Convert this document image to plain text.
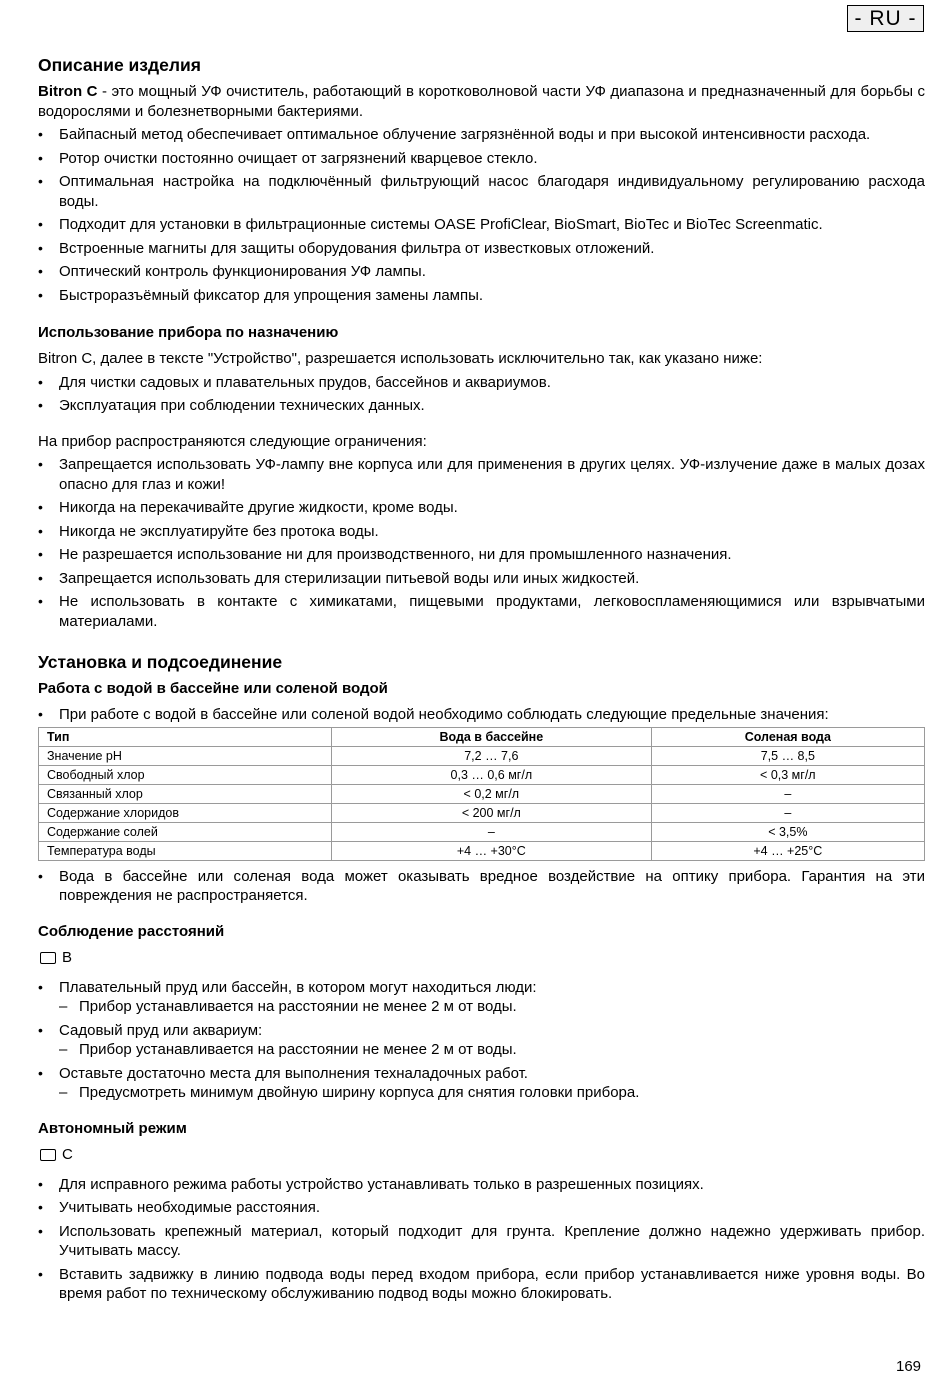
- RU -
Описание изделия

Bitron C - это мощный УФ очиститель, работающий в коротковолновой части УФ диапазона и предназначенный для борьбы с водорослями и болезнетворными бактериями.

• Байпасный метод обеспечивает оптимальное облучение загрязнённой воды и при высокой интенсивности расхода.
• Ротор очистки постоянно очищает от загрязнений кварцевое стекло.
• Оптимальная настройка на подключённый фильтрующий насос благодаря индивидуальному регулированию расхода воды.
• Подходит для установки в фильтрационные системы OASE ProfiClear, BioSmart, BioTec и BioTec Screenmatic.
• Встроенные магниты для защиты оборудования фильтра от известковых отложений.
• Оптический контроль функционирования УФ лампы.
• Быстроразъёмный фиксатор для упрощения замены лампы.
Использование прибора по назначению

Bitron C, далее в тексте "Устройство", разрешается использовать исключительно так, как указано ниже:

• Для чистки садовых и плавательных прудов, бассейнов и аквариумов.
• Эксплуатация при соблюдении технических данных.

На прибор распространяются следующие ограничения:

• Запрещается использовать УФ-лампу вне корпуса или для применения в других целях. УФ-излучение даже в малых дозах опасно для глаз и кожи!
• Никогда на перекачивайте другие жидкости, кроме воды.
• Никогда не эксплуатируйте без протока воды.
• Не разрешается использование ни для производственного, ни для промышленного назначения.
• Запрещается использовать для стерилизации питьевой воды или иных жидкостей.
• Не использовать в контакте с химикатами, пищевыми продуктами, легковоспламеняющимися или взрывчатыми материалами.
Установка и подсоединение
Работа с водой в бассейне или соленой водой
• При работе с водой в бассейне или соленой водой необходимо соблюдать следующие предельные значения:
Тип	Вода в бассейне	Соленая вода
Значение pH	7,2 … 7,6	7,5 … 8,5
Свободный хлор	0,3 … 0,6 мг/л	< 0,3 мг/л
Связанный хлор	< 0,2 мг/л	–
Содержание хлоридов	< 200 мг/л	–
Содержание солей	–	< 3,5%
Температура воды	+4 … +30°C	+4 … +25°C
• Вода в бассейне или соленая вода может оказывать вредное воздействие на оптику прибора. Гарантия на эти повреждения не распространяется.
Соблюдение расстояний
B
• Плавательный пруд или бассейн, в котором могут находиться люди:
– Прибор устанавливается на расстоянии не менее 2 м от воды.
• Садовый пруд или аквариум:
– Прибор устанавливается на расстоянии не менее 2 м от воды.
• Оставьте достаточно места для выполнения техналадочных работ.
– Предусмотреть минимум двойную ширину корпуса для снятия головки прибора.
Автономный режим
C
• Для исправного режима работы устройство устанавливать только в разрешенных позициях.
• Учитывать необходимые расстояния.
• Использовать крепежный материал, который подходит для грунта. Крепление должно надежно удерживать прибор. Учитывать массу.
• Вставить задвижку в линию подвода воды перед входом прибора, если прибор устанавливается ниже уровня воды. Во время работ по техническому обслуживанию подвод воды можно блокировать.
169
